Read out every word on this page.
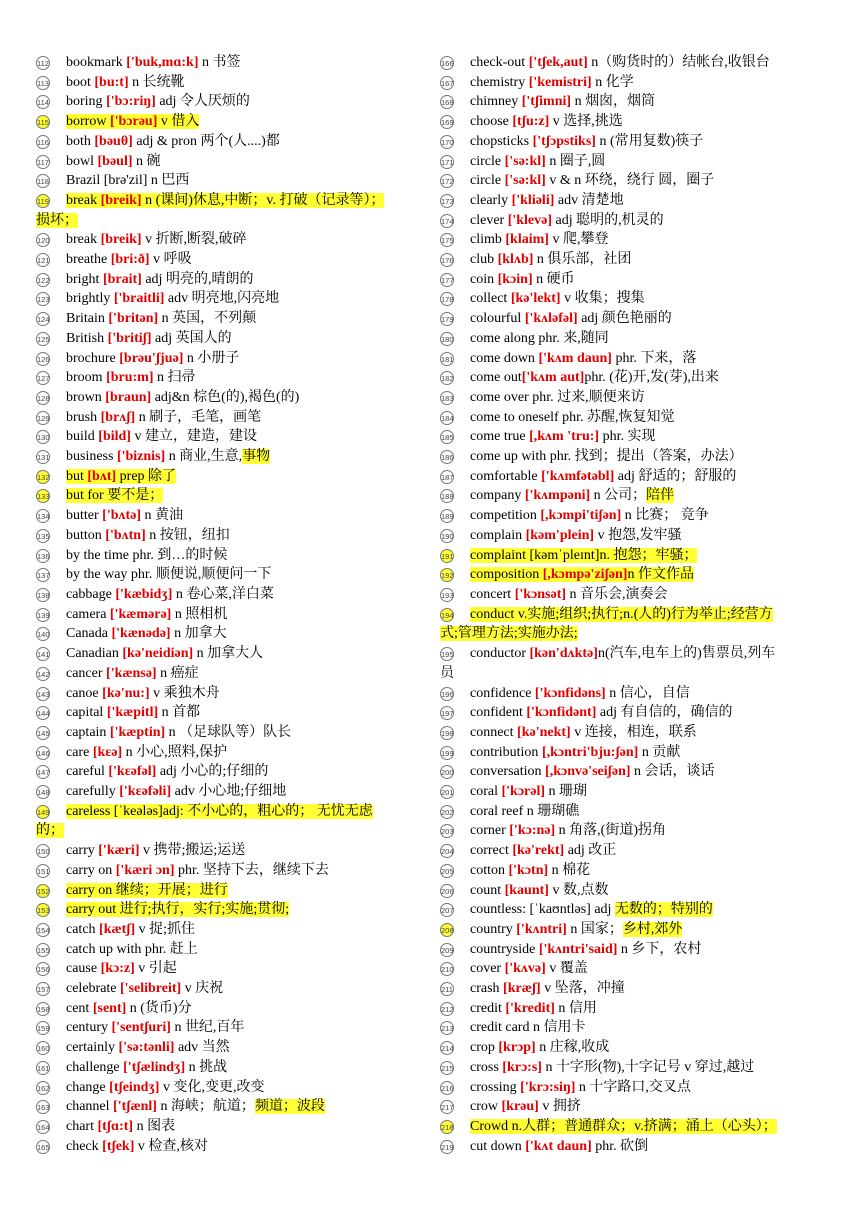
112 bookmark ['buk,mɑ:k] n 书签
113 boot [bu:t] n 长统靴
114 boring ['bɔ:riŋ] adj 令人厌烦的
115 borrow ['bɔrəu] v 借入
116 both [bəuθ] adj & pron 两个(人....)都
117 bowl [bəul] n 碗
118 Brazil [brə'zil] n 巴西
119 break [breik] n (课间)休息,中断；v. 打破（记录等）；
损坏；
120 break [breik] v 折断,断裂,破碎
121 breathe [bri:ð] v 呼吸
122 bright [brait] adj 明亮的,晴朗的
123 brightly ['braitli] adv 明亮地,闪亮地
124 Britain ['britən] n 英国，不列颠
125 British ['britiʃ] adj 英国人的
126 brochure [brəu'ʃjuə] n 小册子
127 broom [bru:m] n 扫帚
128 brown [braun] adj&n 棕色(的),褐色(的)
129 brush [brʌʃ] n 刷子，毛笔，画笔
130 build [bild] v 建立，建造，建设
131 business ['biznis] n 商业,生意,事物
132 but [bʌt] prep 除了
133 but for 要不是；
134 butter ['bʌtə] n 黄油
135 button ['bʌtn] n 按钮，纽扣
136 by the time phr. 到…的时候
137 by the way phr. 顺便说,顺便问一下
138 cabbage ['kæbidʒ] n 卷心菜,洋白菜
139 camera ['kæmərə] n 照相机
140 Canada ['kænədə] n 加拿大
141 Canadian [kə'neidiən] n 加拿大人
142 cancer ['kænsə] n 癌症
143 canoe [kə'nu:] v 乘独木舟
144 capital ['kæpitl] n 首都
145 captain ['kæptin] n （足球队等）队长
146 care [kɛə] n 小心,照料,保护
147 careful ['kɛəfəl] adj 小心的;仔细的
148 carefully ['kɛəfəli] adv 小心地;仔细地
149 careless [ˈkeələs]adj: 不小心的，粗心的； 无忧无虑
的；
150 carry ['kæri] v 携带;搬运;运送
151 carry on ['kæri ɔn] phr. 坚持下去，继续下去
152 carry on 继续；开展；进行
153 carry out 进行;执行，实行;实施;贯彻;
154 catch [kætʃ] v 捉;抓住
155 catch up with phr. 赶上
156 cause [kɔ:z] v 引起
157 celebrate ['selibreit] v 庆祝
158 cent [sent] n (货币)分
159 century ['sentʃuri] n 世纪,百年
160 certainly ['sə:tənli] adv 当然
161 challenge ['tʃælindʒ] n 挑战
162 change [tʃeindʒ] v 变化,变更,改变
163 channel ['tʃænl] n 海峡；航道；频道；波段
164 chart [tʃɑ:t] n 图表
165 check [tʃek] v 检查,核对
166 check-out ['tʃek,aut] n（购货时的）结帐台,收银台
167 chemistry ['kemistri] n 化学
168 chimney ['tʃimni] n 烟囱，烟筒
169 choose [tʃu:z] v 选择,挑选
170 chopsticks ['tʃɔpstiks] n (常用复数)筷子
171 circle ['sə:kl] n 圈子,圆
172 circle ['sə:kl] v & n 环绕，绕行 圆，圈子
173 clearly ['kliəli] adv 清楚地
174 clever ['klevə] adj 聪明的,机灵的
175 climb [klaim] v 爬,攀登
176 club [klʌb] n 俱乐部，社团
177 coin [kɔin] n 硬币
178 collect [kə'lekt] v 收集；搜集
179 colourful ['kʌləfəl] adj 颜色艳丽的
180 come along phr. 来,随同
181 come down ['kʌm daun] phr. 下来，落
182 come out['kʌm aut]phr. (花)开,发(芽),出来
183 come over phr. 过来,顺便来访
184 come to oneself phr. 苏醒,恢复知觉
185 come true [,kʌm 'tru:] phr. 实现
186 come up with phr. 找到；提出（答案，办法）
187 comfortable ['kʌmfətəbl] adj 舒适的；舒服的
188 company ['kʌmpəni] n 公司；陪伴
189 competition [,kɔmpi'tiʃən] n 比赛； 竞争
190 complain [kəm'plein] v 抱怨,发牢骚
191 complaint [kəmˈpleɪnt]n. 抱怨；牢骚；
192 composition [,kɔmpə'ziʃən]n 作文作品
193 concert ['kɔnsət] n 音乐会,演奏会
194 conduct v.实施;组织;执行;n.(人的)行为举止;经营方
式;管理方法;实施办法;
195 conductor [kən'dʌktə]n(汽车,电车上的)售票员,列车
员
196 confidence ['kɔnfidəns] n 信心，自信
197 confident ['kɔnfidənt] adj 有自信的，确信的
198 connect [kə'nekt] v 连接，相连，联系
199 contribution [,kɔntri'bju:ʃən] n 贡献
200 conversation [,kɔnvə'seiʃən] n 会话，谈话
201 coral ['kɔrəl] n 珊瑚
202 coral reef n 珊瑚礁
203 corner ['kɔ:nə] n 角落,(街道)拐角
204 correct [kə'rekt] adj 改正
205 cotton ['kɔtn] n 棉花
206 count [kaunt] v 数,点数
207 countless: [ˈkaʊntləs] adj 无数的；特别的
208 country ['kʌntri] n 国家；乡村,郊外
209 countryside ['kʌntri'said] n 乡下，农村
210 cover ['kʌvə] v 覆盖
211 crash [kræʃ] v 坠落，冲撞
212 credit ['kredit] n 信用
213 credit card n 信用卡
214 crop [krɔp] n 庄稼,收成
215 cross [krɔ:s] n 十字形(物),十字记号 v 穿过,越过
216 crossing ['krɔ:siŋ] n 十字路口,交叉点
217 crow [krəu] v 拥挤
218 Crowd n.人群；普通群众；v.挤满；涌上（心头）；
219 cut down ['kʌt daun] phr. 砍倒
